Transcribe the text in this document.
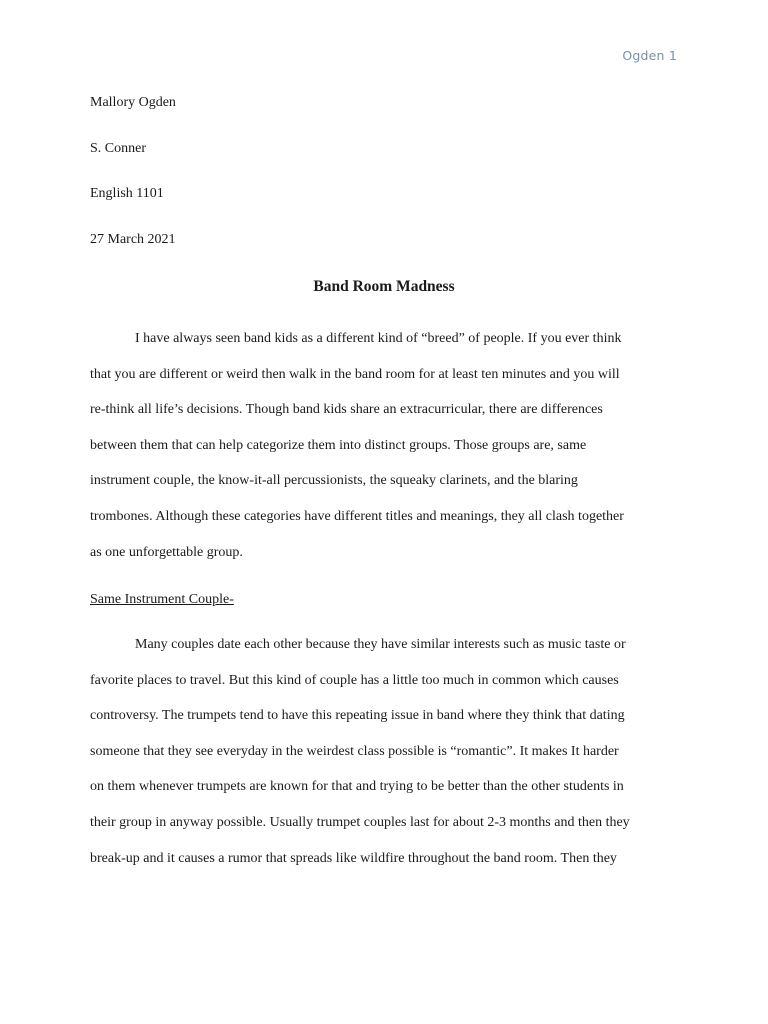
Ogden 1
Mallory Ogden
S. Conner
English 1101
27 March 2021
Band Room Madness
I have always seen band kids as a different kind of “breed” of people. If you ever think
that you are different or weird then walk in the band room for at least ten minutes and you will
re-think all life’s decisions. Though band kids share an extracurricular, there are differences
between them that can help categorize them into distinct groups. Those groups are, same
instrument couple, the know-it-all percussionists, the squeaky clarinets, and the blaring
trombones. Although these categories have different titles and meanings, they all clash together
as one unforgettable group.
Same Instrument Couple-
Many couples date each other because they have similar interests such as music taste or
favorite places to travel. But this kind of couple has a little too much in common which causes
controversy. The trumpets tend to have this repeating issue in band where they think that dating
someone that they see everyday in the weirdest class possible is “romantic”. It makes It harder
on them whenever trumpets are known for that and trying to be better than the other students in
their group in anyway possible. Usually trumpet couples last for about 2-3 months and then they
break-up and it causes a rumor that spreads like wildfire throughout the band room. Then they
